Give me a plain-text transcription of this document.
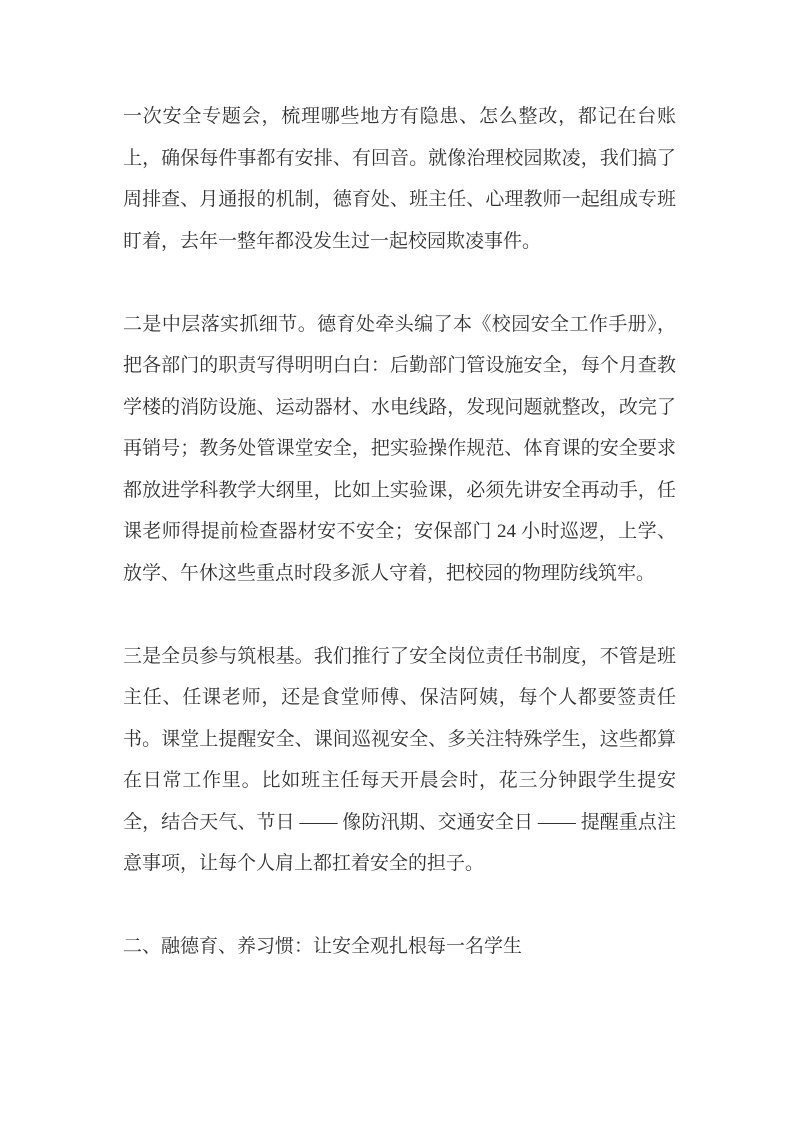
一次安全专题会，梳理哪些地方有隐患、怎么整改，都记在台账上，确保每件事都有安排、有回音。就像治理校园欺凌，我们搞了周排查、月通报的机制，德育处、班主任、心理教师一起组成专班盯着，去年一整年都没发生过一起校园欺凌事件。

二是中层落实抓细节。德育处牵头编了本《校园安全工作手册》，把各部门的职责写得明明白白：后勤部门管设施安全，每个月查教学楼的消防设施、运动器材、水电线路，发现问题就整改，改完了再销号；教务处管课堂安全，把实验操作规范、体育课的安全要求都放进学科教学大纲里，比如上实验课，必须先讲安全再动手，任课老师得提前检查器材安不安全；安保部门 24 小时巡逻，上学、放学、午休这些重点时段多派人守着，把校园的物理防线筑牢。

三是全员参与筑根基。我们推行了安全岗位责任书制度，不管是班主任、任课老师，还是食堂师傅、保洁阿姨，每个人都要签责任书。课堂上提醒安全、课间巡视安全、多关注特殊学生，这些都算在日常工作里。比如班主任每天开晨会时，花三分钟跟学生提安全，结合天气、节日 —— 像防汛期、交通安全日 —— 提醒重点注意事项，让每个人肩上都扛着安全的担子。

二、融德育、养习惯：让安全观扎根每一名学生
